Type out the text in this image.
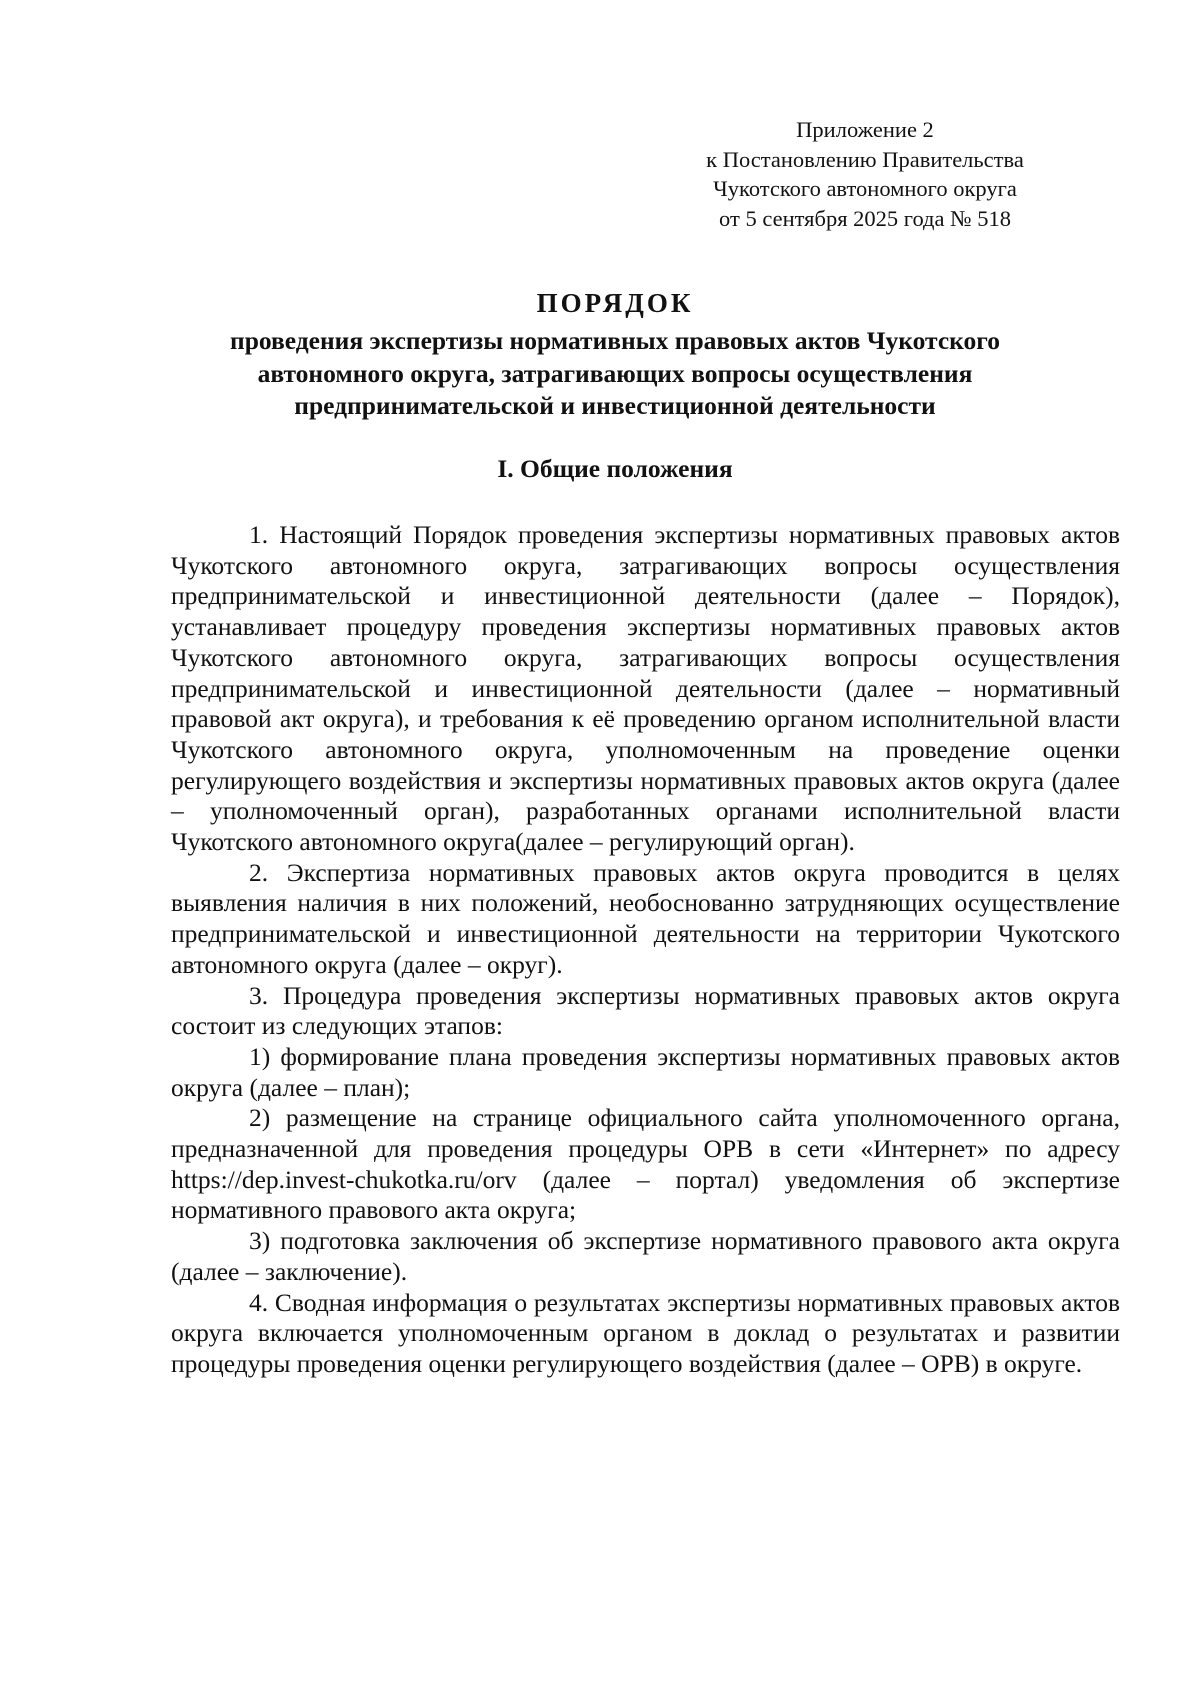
Приложение 2
к Постановлению Правительства
Чукотского автономного округа
от 5 сентября 2025 года № 518
ПОРЯДОК
проведения экспертизы нормативных правовых актов Чукотского
автономного округа, затрагивающих вопросы осуществления
предпринимательской и инвестиционной деятельности
I. Общие положения

1. Настоящий Порядок проведения экспертизы нормативных правовых актов Чукотского автономного округа, затрагивающих вопросы осуществления предпринимательской и инвестиционной деятельности (далее – Порядок), устанавливает процедуру проведения экспертизы нормативных правовых актов Чукотского автономного округа, затрагивающих вопросы осуществления предпринимательской и инвестиционной деятельности (далее – нормативный правовой акт округа), и требования к её проведению органом исполнительной власти Чукотского автономного округа, уполномоченным на проведение оценки регулирующего воздействия и экспертизы нормативных правовых актов округа (далее – уполномоченный орган), разработанных органами исполнительной власти Чукотского автономного округа(далее – регулирующий орган).

2. Экспертиза нормативных правовых актов округа проводится в целях выявления наличия в них положений, необоснованно затрудняющих осуществление предпринимательской и инвестиционной деятельности на территории Чукотского автономного округа (далее – округ).

3. Процедура проведения экспертизы нормативных правовых актов округа состоит из следующих этапов:

1) формирование плана проведения экспертизы нормативных правовых актов округа (далее – план);

2) размещение на странице официального сайта уполномоченного органа, предназначенной для проведения процедуры ОРВ в сети «Интернет» по адресу https://dep.invest-chukotka.ru/orv (далее – портал) уведомления об экспертизе нормативного правового акта округа;

3) подготовка заключения об экспертизе нормативного правового акта округа (далее – заключение).

4. Сводная информация о результатах экспертизы нормативных правовых актов округа включается уполномоченным органом в доклад о результатах и развитии процедуры проведения оценки регулирующего воздействия (далее – ОРВ) в округе.
